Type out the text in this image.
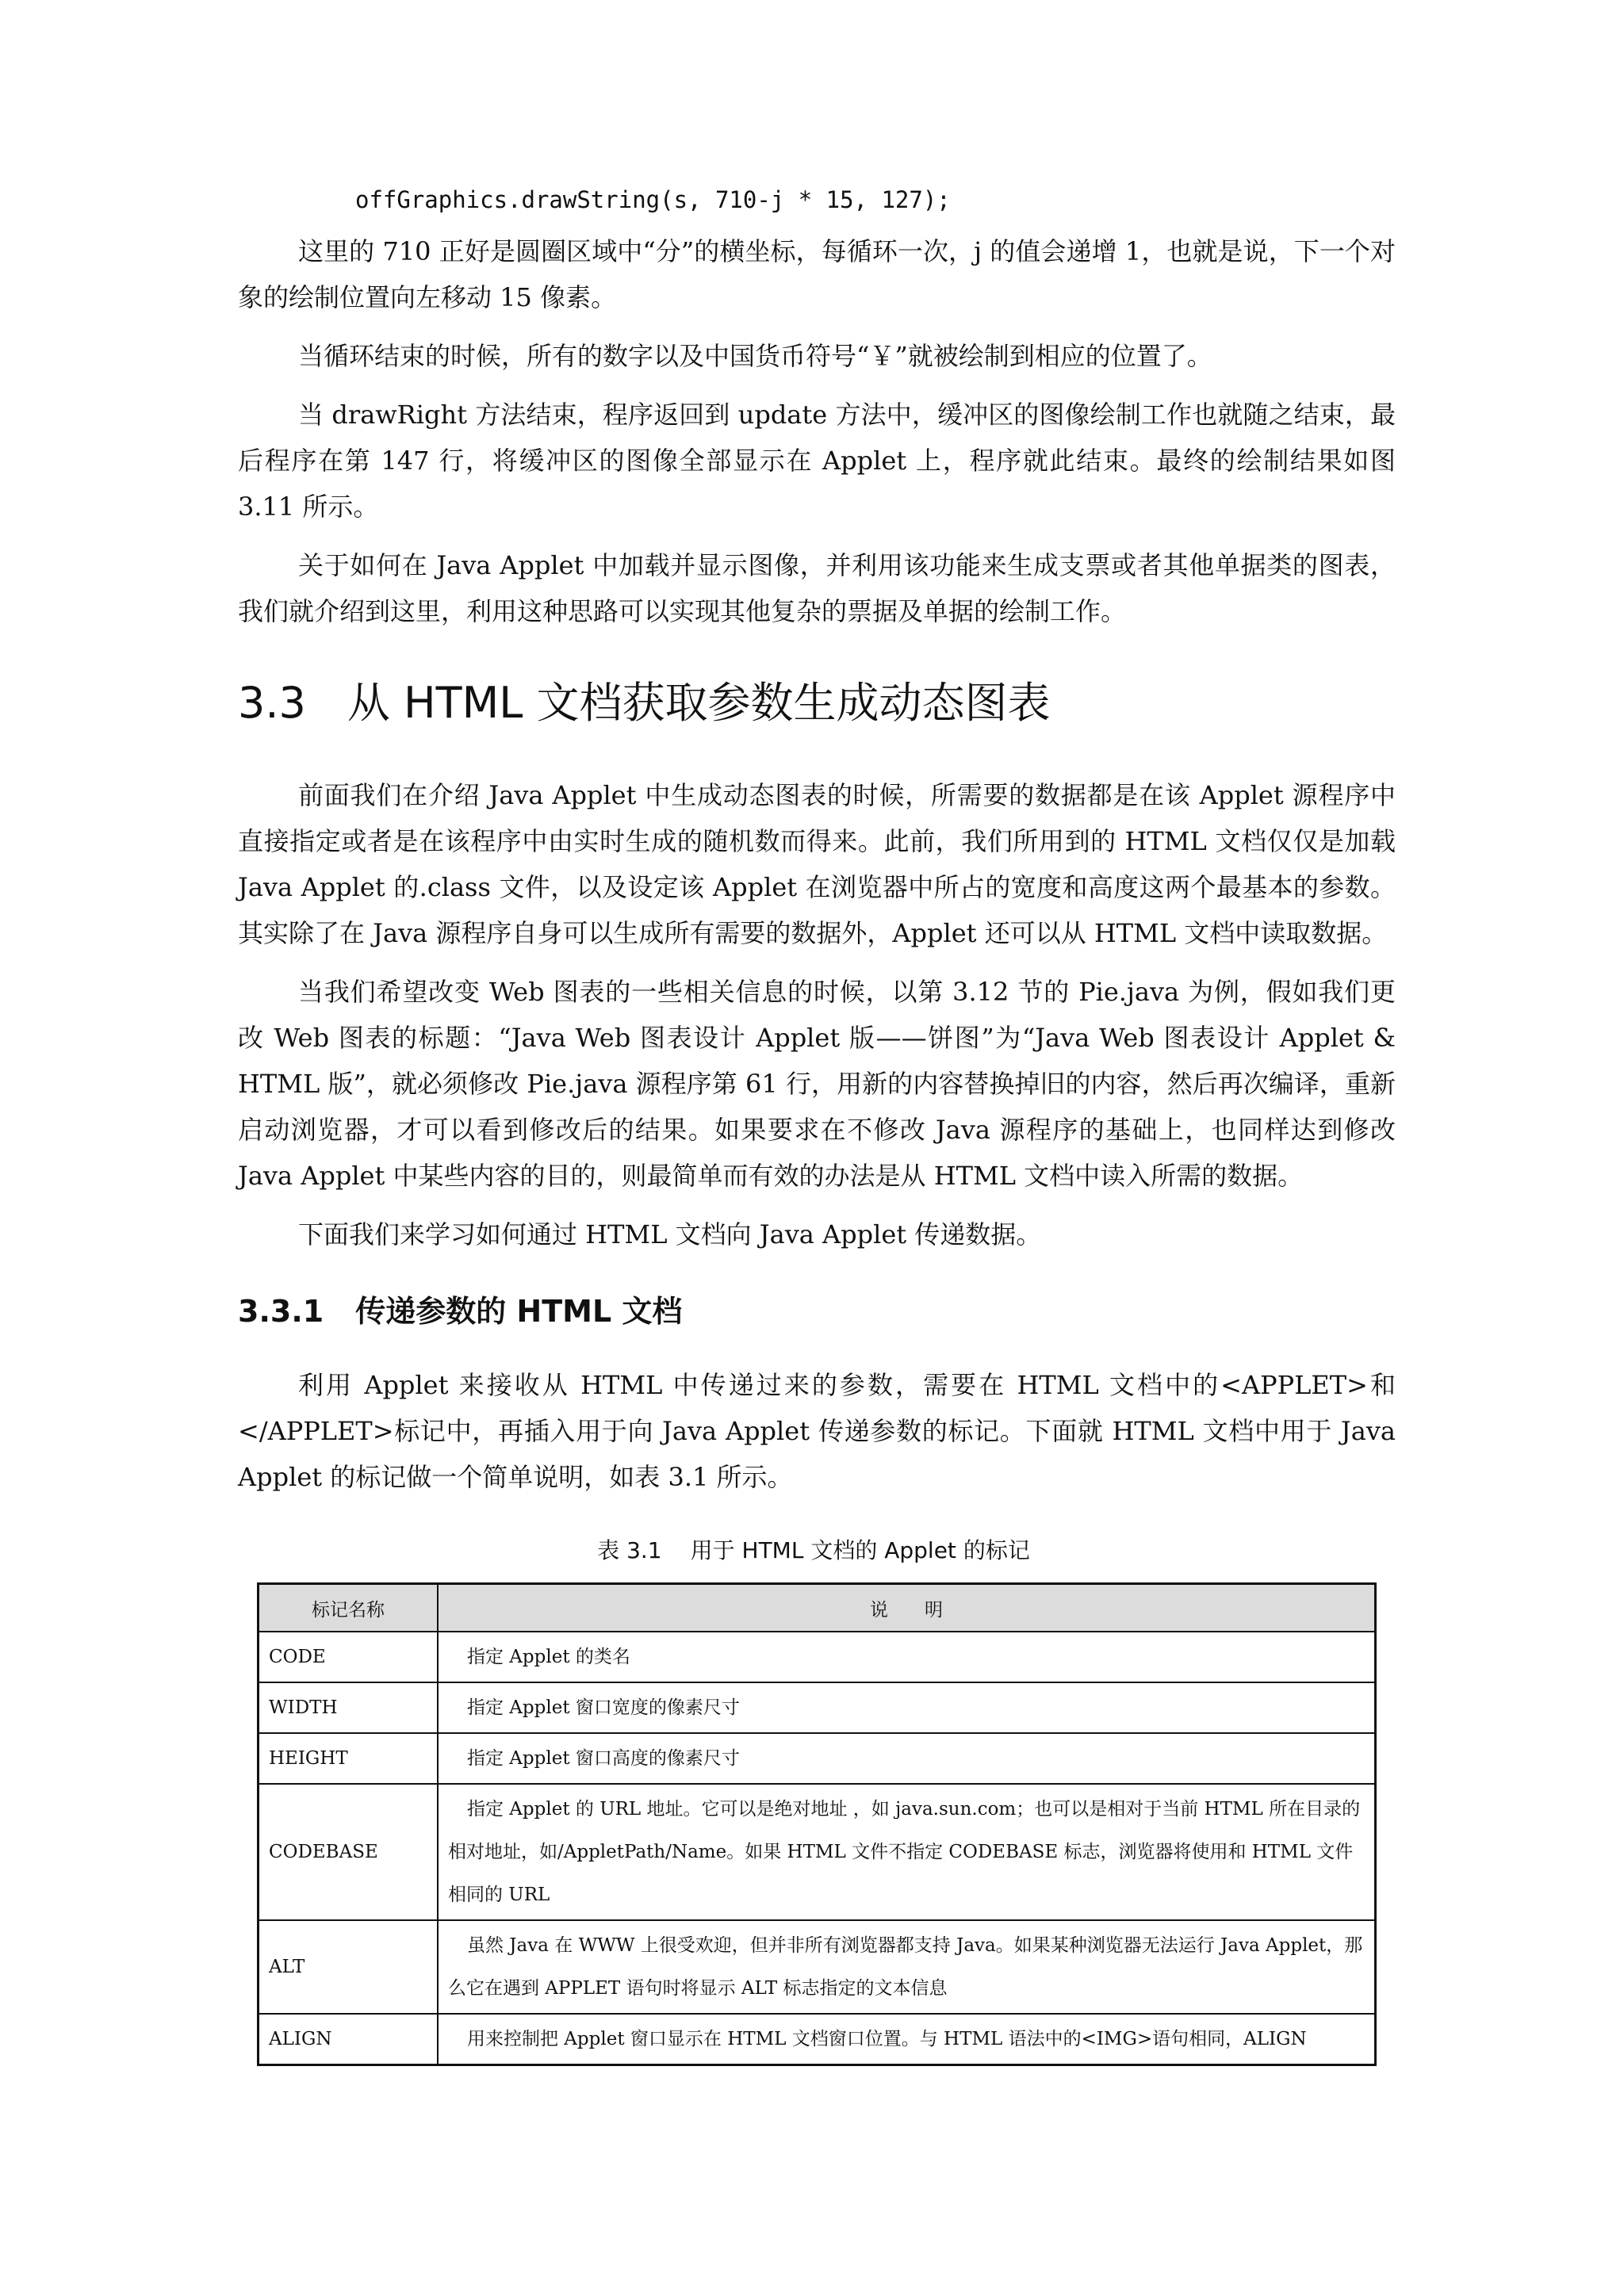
offGraphics.drawString(s, 710-j * 15, 127);

这里的 710 正好是圆圈区域中“分”的横坐标，每循环一次，j 的值会递增 1，也就是说，下一个对象的绘制位置向左移动 15 像素。

当循环结束的时候，所有的数字以及中国货币符号“￥”就被绘制到相应的位置了。

当 drawRight 方法结束，程序返回到 update 方法中，缓冲区的图像绘制工作也就随之结束，最后程序在第 147 行，将缓冲区的图像全部显示在 Applet 上，程序就此结束。最终的绘制结果如图 3.11 所示。

关于如何在 Java Applet 中加载并显示图像，并利用该功能来生成支票或者其他单据类的图表，我们就介绍到这里，利用这种思路可以实现其他复杂的票据及单据的绘制工作。

3.3 从 HTML 文档获取参数生成动态图表

前面我们在介绍 Java Applet 中生成动态图表的时候，所需要的数据都是在该 Applet 源程序中直接指定或者是在该程序中由实时生成的随机数而得来。此前，我们所用到的 HTML 文档仅仅是加载 Java Applet 的.class 文件，以及设定该 Applet 在浏览器中所占的宽度和高度这两个最基本的参数。其实除了在 Java 源程序自身可以生成所有需要的数据外，Applet 还可以从 HTML 文档中读取数据。

当我们希望改变 Web 图表的一些相关信息的时候，以第 3.12 节的 Pie.java 为例，假如我们更改 Web 图表的标题：“Java Web 图表设计 Applet 版——饼图”为“Java Web 图表设计 Applet & HTML 版”，就必须修改 Pie.java 源程序第 61 行，用新的内容替换掉旧的内容，然后再次编译，重新启动浏览器，才可以看到修改后的结果。如果要求在不修改 Java 源程序的基础上，也同样达到修改 Java Applet 中某些内容的目的，则最简单而有效的办法是从 HTML 文档中读入所需的数据。

下面我们来学习如何通过 HTML 文档向 Java Applet 传递数据。

3.3.1 传递参数的 HTML 文档

利用 Applet 来接收从 HTML 中传递过来的参数，需要在 HTML 文档中的<APPLET>和</APPLET>标记中，再插入用于向 Java Applet 传递参数的标记。下面就 HTML 文档中用于 Java Applet 的标记做一个简单说明，如表 3.1 所示。

表 3.1 用于 HTML 文档的 Applet 的标记
标记名称	说　　明
CODE	指定 Applet 的类名
WIDTH	指定 Applet 窗口宽度的像素尺寸
HEIGHT	指定 Applet 窗口高度的像素尺寸
CODEBASE	指定 Applet 的 URL 地址。它可以是绝对地址 ，如 java.sun.com；也可以是相对于当前 HTML 所在目录的相对地址，如/AppletPath/Name。如果 HTML 文件不指定 CODEBASE 标志，浏览器将使用和 HTML 文件相同的 URL
ALT	虽然 Java 在 WWW 上很受欢迎，但并非所有浏览器都支持 Java。如果某种浏览器无法运行 Java Applet，那么它在遇到 APPLET 语句时将显示 ALT 标志指定的文本信息
ALIGN	用来控制把 Applet 窗口显示在 HTML 文档窗口位置。与 HTML 语法中的<IMG>语句相同，ALIGN
